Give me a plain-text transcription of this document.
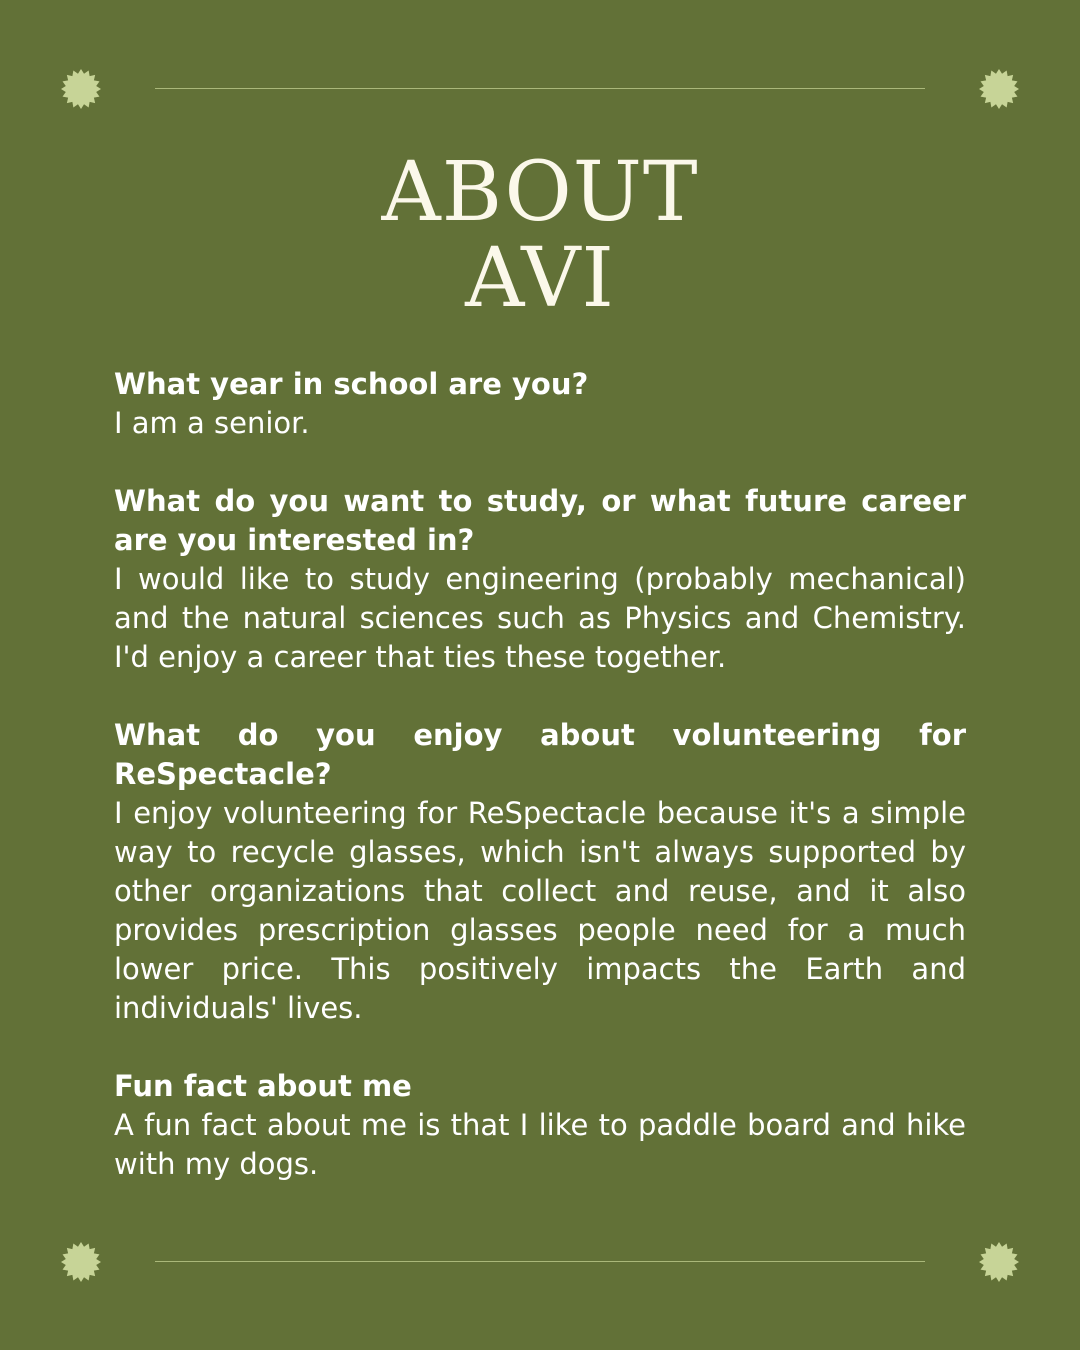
ABOUT
AVI
What year in school are you?
I am a senior.
What do you want to study, or what future career are you interested in?
I would like to study engineering (probably mechanical) and the natural sciences such as Physics and Chemistry. I'd enjoy a career that ties these together.
What do you enjoy about volunteering for ReSpectacle?
I enjoy volunteering for ReSpectacle because it's a simple way to recycle glasses, which isn't always supported by other organizations that collect and reuse, and it also provides prescription glasses people need for a much lower price. This positively impacts the Earth and individuals' lives.
Fun fact about me
A fun fact about me is that I like to paddle board and hike with my dogs.
